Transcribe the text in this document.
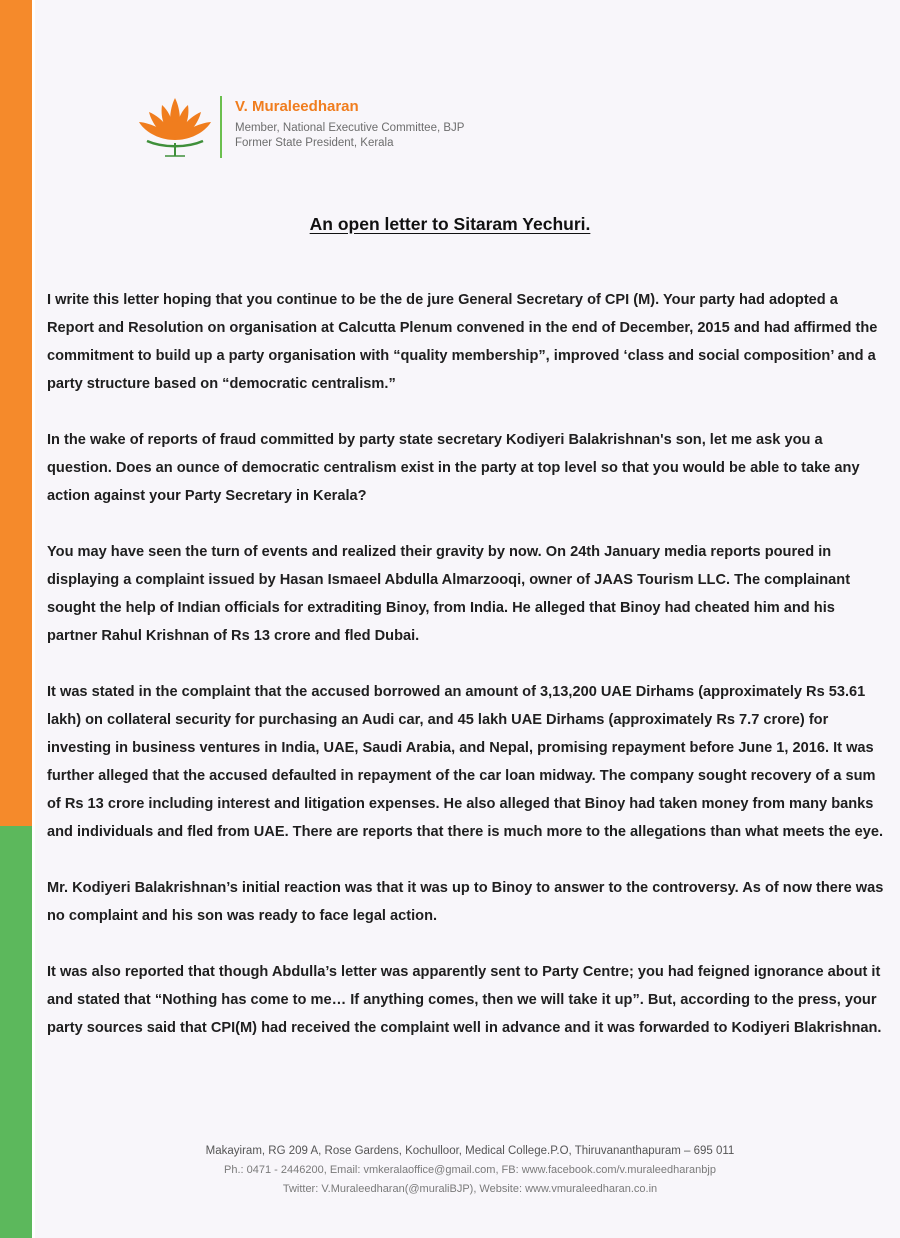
V. Muraleedharan
Member, National Executive Committee, BJP
Former State President, Kerala
An open letter to Sitaram Yechuri.

I write this letter hoping that you continue to be the de jure General Secretary of CPI (M). Your party had adopted a Report and Resolution on organisation at Calcutta Plenum convened in the end of December, 2015 and had affirmed the commitment to build up a party organisation with “quality membership”, improved ‘class and social composition’ and a party structure based on “democratic centralism.”

In the wake of reports of fraud committed by party state secretary Kodiyeri Balakrishnan's son, let me ask you a question. Does an ounce of democratic centralism exist in the party at top level so that you would be able to take any action against your Party Secretary in Kerala?

You may have seen the turn of events and realized their gravity by now. On 24th January media reports poured in displaying a complaint issued by Hasan Ismaeel Abdulla Almarzooqi, owner of JAAS Tourism LLC. The complainant sought the help of Indian officials for extraditing Binoy, from India. He alleged that Binoy had cheated him and his partner Rahul Krishnan of Rs 13 crore and fled Dubai.

It was stated in the complaint that the accused borrowed an amount of 3,13,200 UAE Dirhams (approximately Rs 53.61 lakh) on collateral security for purchasing an Audi car, and 45 lakh UAE Dirhams (approximately Rs 7.7 crore) for investing in business ventures in India, UAE, Saudi Arabia, and Nepal, promising repayment before June 1, 2016. It was further alleged that the accused defaulted in repayment of the car loan midway. The company sought recovery of a sum of Rs 13 crore including interest and litigation expenses. He also alleged that Binoy had taken money from many banks and individuals and fled from UAE. There are reports that there is much more to the allegations than what meets the eye.

Mr. Kodiyeri Balakrishnan’s initial reaction was that it was up to Binoy to answer to the controversy. As of now there was no complaint and his son was ready to face legal action.

It was also reported that though Abdulla’s letter was apparently sent to Party Centre; you had feigned ignorance about it and stated that “Nothing has come to me… If anything comes, then we will take it up”. But, according to the press, your party sources said that CPI(M) had received the complaint well in advance and it was forwarded to Kodiyeri Blakrishnan.

Makayiram, RG 209 A, Rose Gardens, Kochulloor, Medical College.P.O, Thiruvananthapuram – 695 011
Ph.: 0471 - 2446200, Email: vmkeralaoffice@gmail.com, FB: www.facebook.com/v.muraleedharanbjp
Twitter: V.Muraleedharan(@muraliBJP), Website: www.vmuraleedharan.co.in
